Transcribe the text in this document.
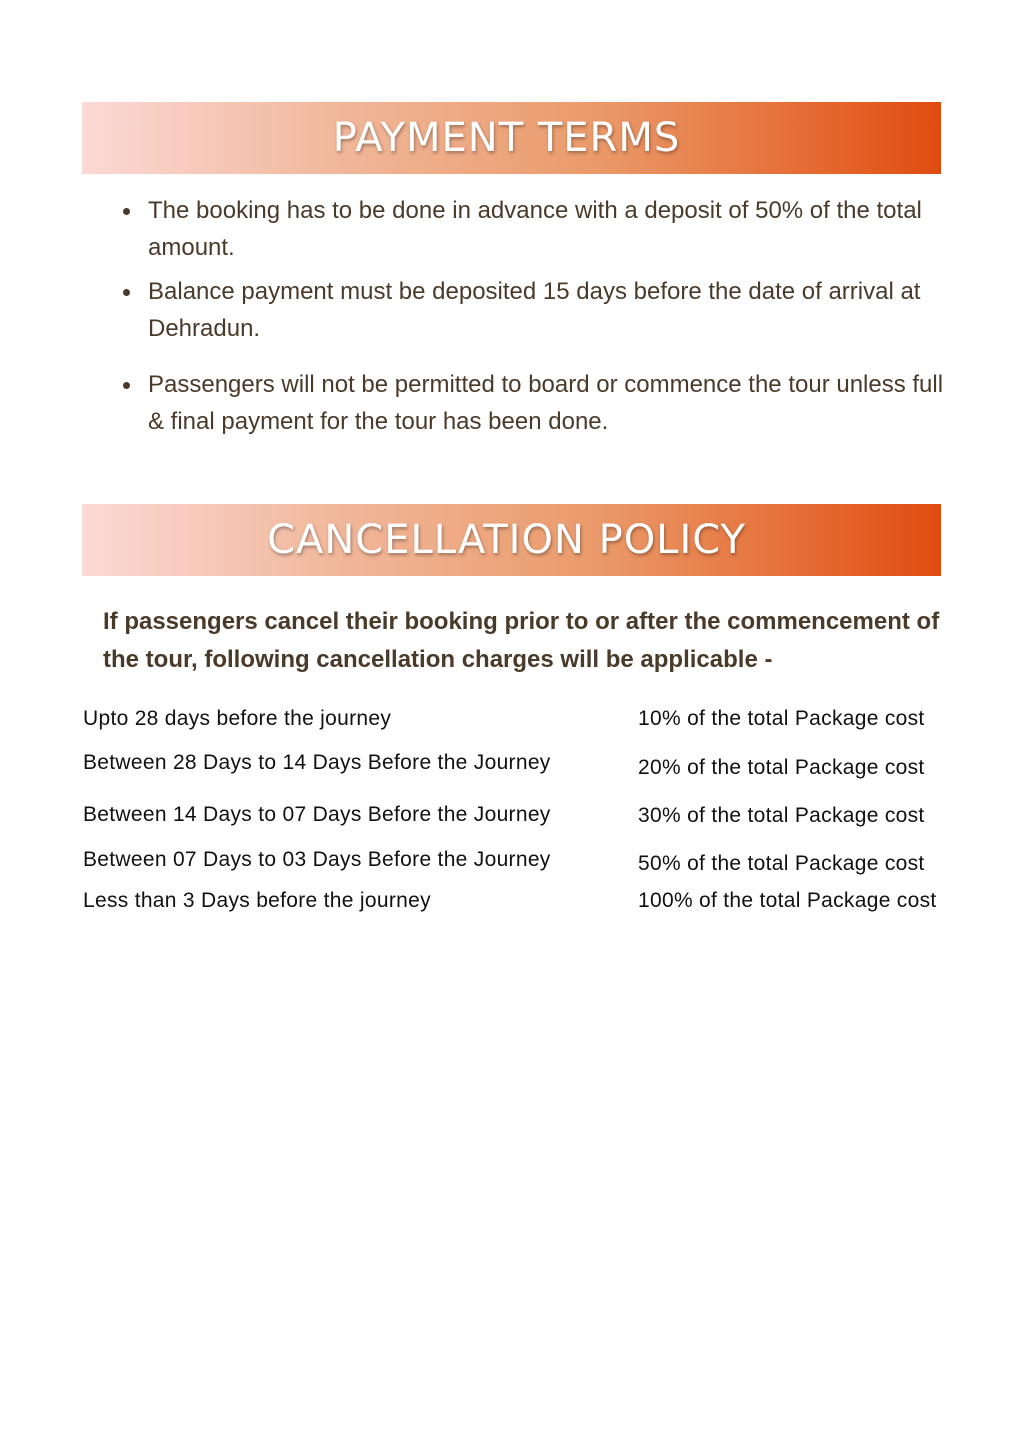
PAYMENT TERMS
The booking has to be done in advance with a deposit of 50% of the total amount.
Balance payment must be deposited 15 days before the date of arrival at Dehradun.
Passengers will not be permitted to board or commence the tour unless full & final payment for the tour has been done.
CANCELLATION POLICY

If passengers cancel their booking prior to or after the commencement of the tour, following cancellation charges will be applicable -

Upto 28 days before the journey	10% of the total Package cost
Between 28 Days to 14 Days Before the Journey	20% of the total Package cost
Between 14 Days to 07 Days Before the Journey	30% of the total Package cost
Between 07 Days to 03 Days Before the Journey	50% of the total Package cost
Less than 3 Days before the journey	100% of the total Package cost
